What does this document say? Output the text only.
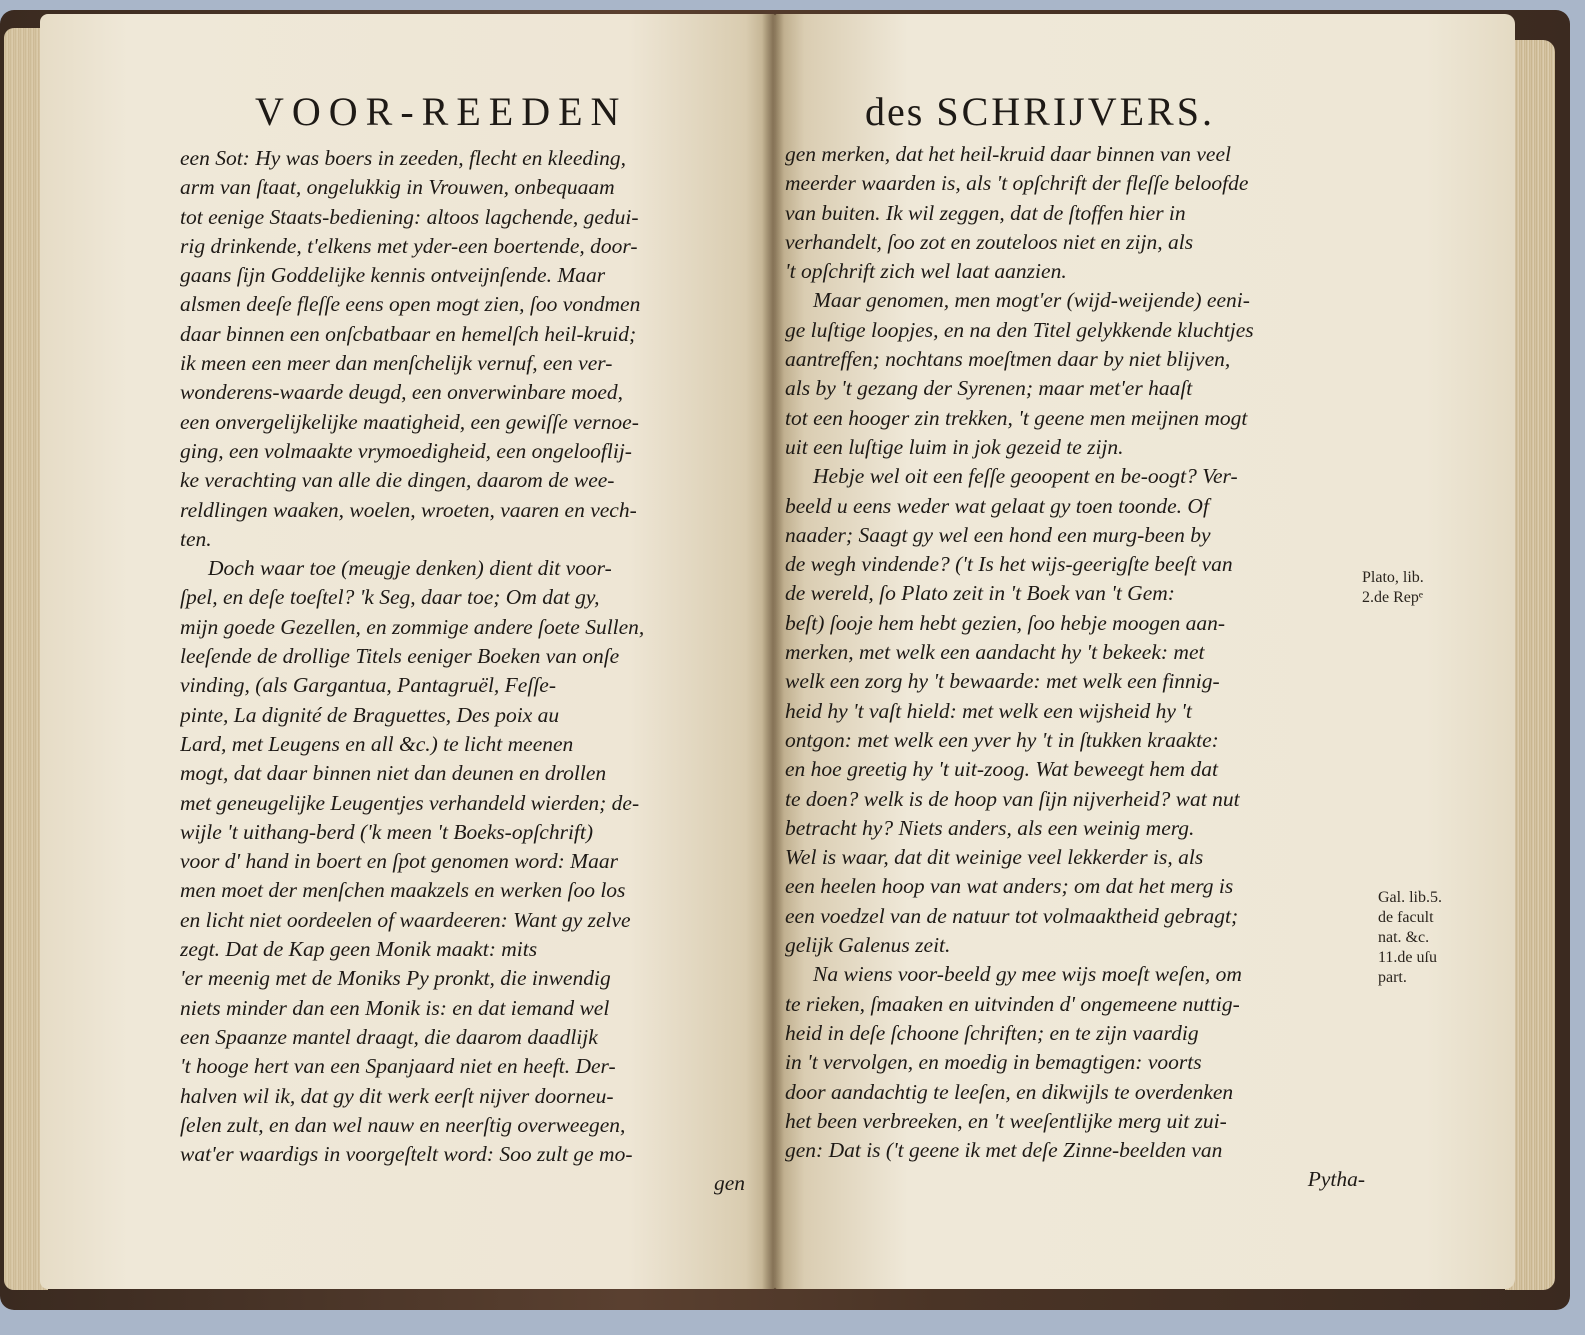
VOOR-REEDEN	des SCHRIJVERS.
een Sot: Hy was boers in zeeden, flecht en kleeding,
arm van ſtaat, ongelukkig in Vrouwen, onbequaam
tot eenige Staats-bediening: altoos lagchende, gedui-
rig drinkende, t'elkens met yder-een boertende, door-
gaans ſijn Goddelijke kennis ontveijnſende. Maar
alsmen deeſe fleſſe eens open mogt zien, ſoo vondmen
daar binnen een onſcbatbaar en hemelſch heil-kruid;
ik meen een meer dan menſchelijk vernuf, een ver-
wonderens-waarde deugd, een onverwinbare moed,
een onvergelijkelijke maatigheid, een gewiſſe vernoe-
ging, een volmaakte vrymoedigheid, een ongelooflij-
ke verachting van alle die dingen, daarom de wee-
reldlingen waaken, woelen, wroeten, vaaren en vech-
ten.
Doch waar toe (meugje denken) dient dit voor-
ſpel, en deſe toeſtel? 'k Seg, daar toe; Om dat gy,
mijn goede Gezellen, en zommige andere ſoete Sullen,
leeſende de drollige Titels eeniger Boeken van onſe
vinding, (als Gargantua, Pantagruël, Feſſe-
pinte, La dignité de Braguettes, Des poix au
Lard, met Leugens en all &c.) te licht meenen
mogt, dat daar binnen niet dan deunen en drollen
met geneugelijke Leugentjes verhandeld wierden; de-
wijle 't uithang-berd ('k meen 't Boeks-opſchrift)
voor d' hand in boert en ſpot genomen word: Maar
men moet der menſchen maakzels en werken ſoo los
en licht niet oordeelen of waardeeren: Want gy zelve
zegt. Dat de Kap geen Monik maakt: mits
'er meenig met de Moniks Py pronkt, die inwendig
niets minder dan een Monik is: en dat iemand wel
een Spaanze mantel draagt, die daarom daadlijk
't hooge hert van een Spanjaard niet en heeft. Der-
halven wil ik, dat gy dit werk eerſt nijver doorneu-
ſelen zult, en dan wel nauw en neerſtig overweegen,
wat'er waardigs in voorgeſtelt word: Soo zult ge mo-
gen
gen merken, dat het heil-kruid daar binnen van veel
meerder waarden is, als 't opſchrift der fleſſe beloofde
van buiten. Ik wil zeggen, dat de ſtoffen hier in
verhandelt, ſoo zot en zouteloos niet en zijn, als
't opſchrift zich wel laat aanzien.
Maar genomen, men mogt'er (wijd-weijende) eeni-
ge luſtige loopjes, en na den Titel gelykkende kluchtjes
aantreffen; nochtans moeſtmen daar by niet blijven,
als by 't gezang der Syrenen; maar met'er haaſt
tot een hooger zin trekken, 't geene men meijnen mogt
uit een luſtige luim in jok gezeid te zijn.
Hebje wel oit een feſſe geoopent en be-oogt? Ver-
beeld u eens weder wat gelaat gy toen toonde. Of
naader; Saagt gy wel een hond een murg-been by
de wegh vindende? ('t Is het wijs-geerigſte beeſt van
de wereld, ſo Plato zeit in 't Boek van 't Gem:
beſt) ſooje hem hebt gezien, ſoo hebje moogen aan-
merken, met welk een aandacht hy 't bekeek: met
welk een zorg hy 't bewaarde: met welk een finnig-
heid hy 't vaſt hield: met welk een wijsheid hy 't
ontgon: met welk een yver hy 't in ſtukken kraakte:
en hoe greetig hy 't uit-zoog. Wat beweegt hem dat
te doen? welk is de hoop van ſijn nijverheid? wat nut
betracht hy? Niets anders, als een weinig merg.
Wel is waar, dat dit weinige veel lekkerder is, als
een heelen hoop van wat anders; om dat het merg is
een voedzel van de natuur tot volmaaktheid gebragt;
gelijk Galenus zeit.
Na wiens voor-beeld gy mee wijs moeſt weſen, om
te rieken, ſmaaken en uitvinden d' ongemeene nuttig-
heid in deſe ſchoone ſchriften; en te zijn vaardig
in 't vervolgen, en moedig in bemagtigen: voorts
door aandachtig te leeſen, en dikwijls te overdenken
het been verbreeken, en 't weeſentlijke merg uit zui-
gen: Dat is ('t geene ik met deſe Zinne-beelden van
Pytha-
Plato, lib.
2.de Repᵉ
Gal. lib.5.
de facult
nat. &c.
11.de uſu
part.
